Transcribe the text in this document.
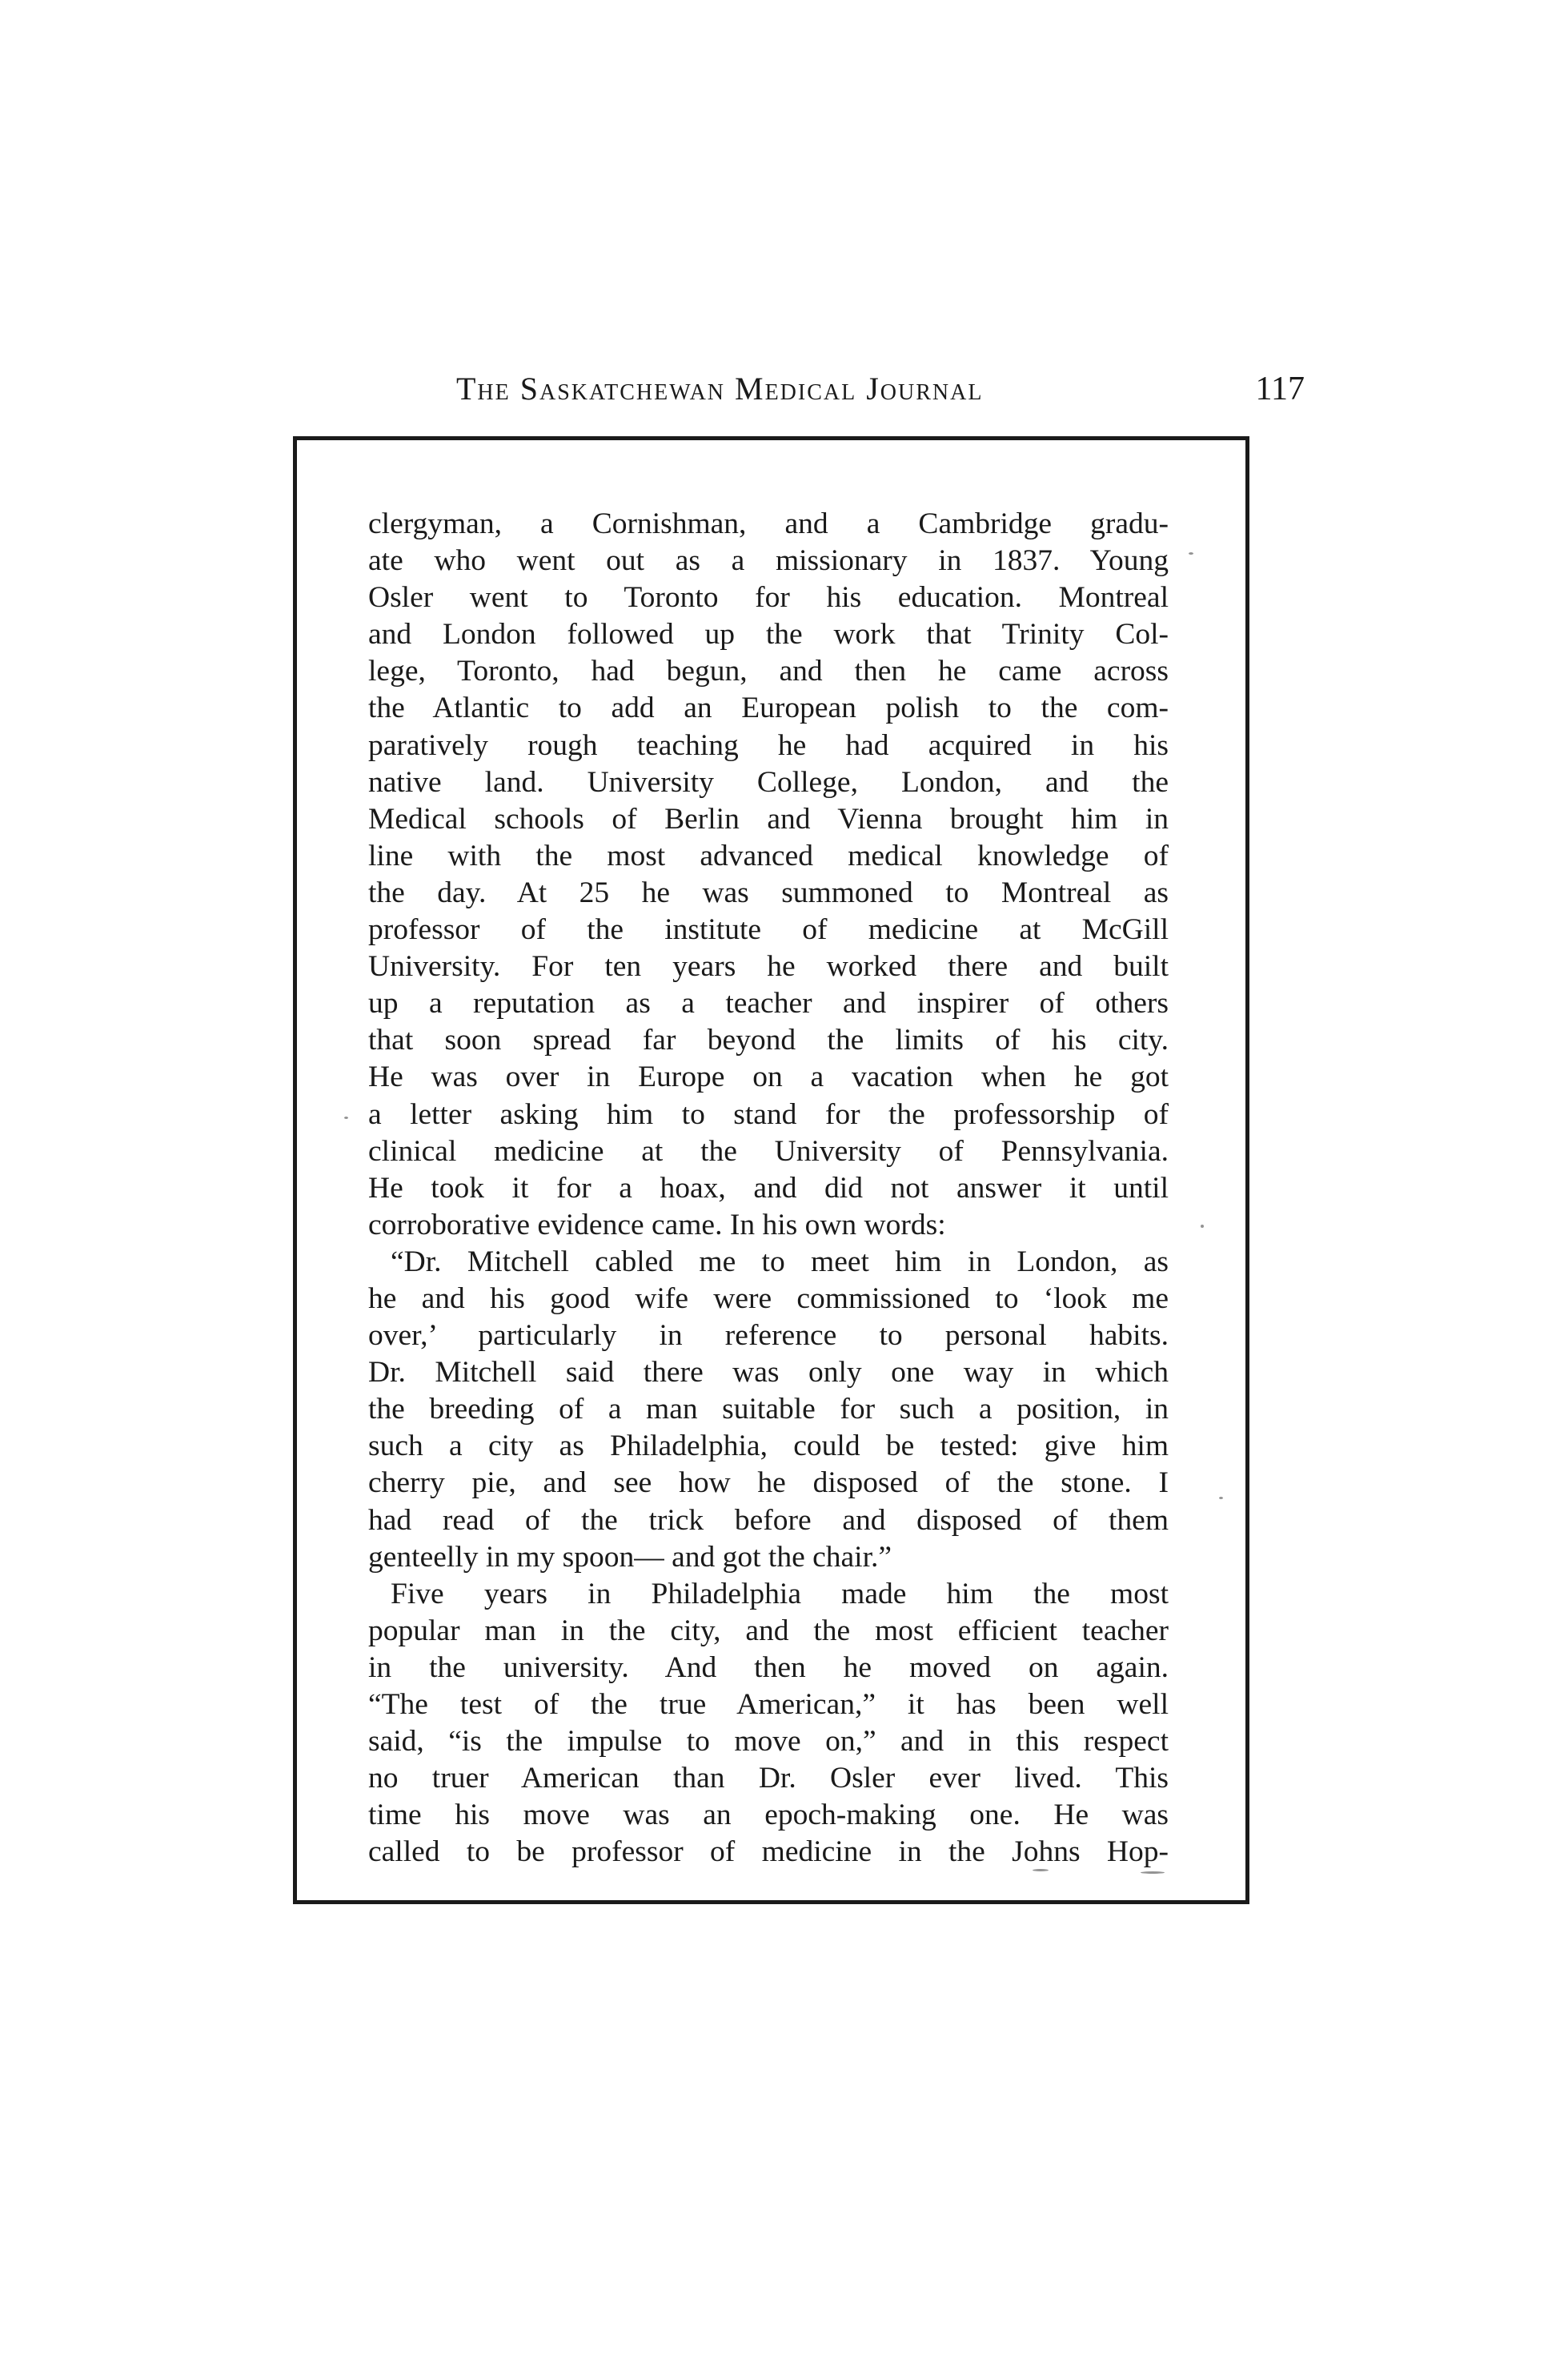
The Saskatchewan Medical Journal	117
clergyman, a Cornishman, and a Cambridge gradu-
ate who went out as a missionary in 1837. Young
Osler went to Toronto for his education. Montreal
and London followed up the work that Trinity Col-
lege, Toronto, had begun, and then he came across
the Atlantic to add an European polish to the com-
paratively rough teaching he had acquired in his
native land. University College, London, and the
Medical schools of Berlin and Vienna brought him in
line with the most advanced medical knowledge of
the day. At 25 he was summoned to Montreal as
professor of the institute of medicine at McGill
University. For ten years he worked there and built
up a reputation as a teacher and inspirer of others
that soon spread far beyond the limits of his city.
He was over in Europe on a vacation when he got
a letter asking him to stand for the professorship of
clinical medicine at the University of Pennsylvania.
He took it for a hoax, and did not answer it until
corroborative evidence came. In his own words:
“Dr. Mitchell cabled me to meet him in London, as
he and his good wife were commissioned to ‘look me
over,’ particularly in reference to personal habits.
Dr. Mitchell said there was only one way in which
the breeding of a man suitable for such a position, in
such a city as Philadelphia, could be tested: give him
cherry pie, and see how he disposed of the stone. I
had read of the trick before and disposed of them
genteelly in my spoon— and got the chair.”
Five years in Philadelphia made him the most
popular man in the city, and the most efficient teacher
in the university. And then he moved on again.
“The test of the true American,” it has been well
said, “is the impulse to move on,” and in this respect
no truer American than Dr. Osler ever lived. This
time his move was an epoch-making one. He was
called to be professor of medicine in the Johns Hop-
